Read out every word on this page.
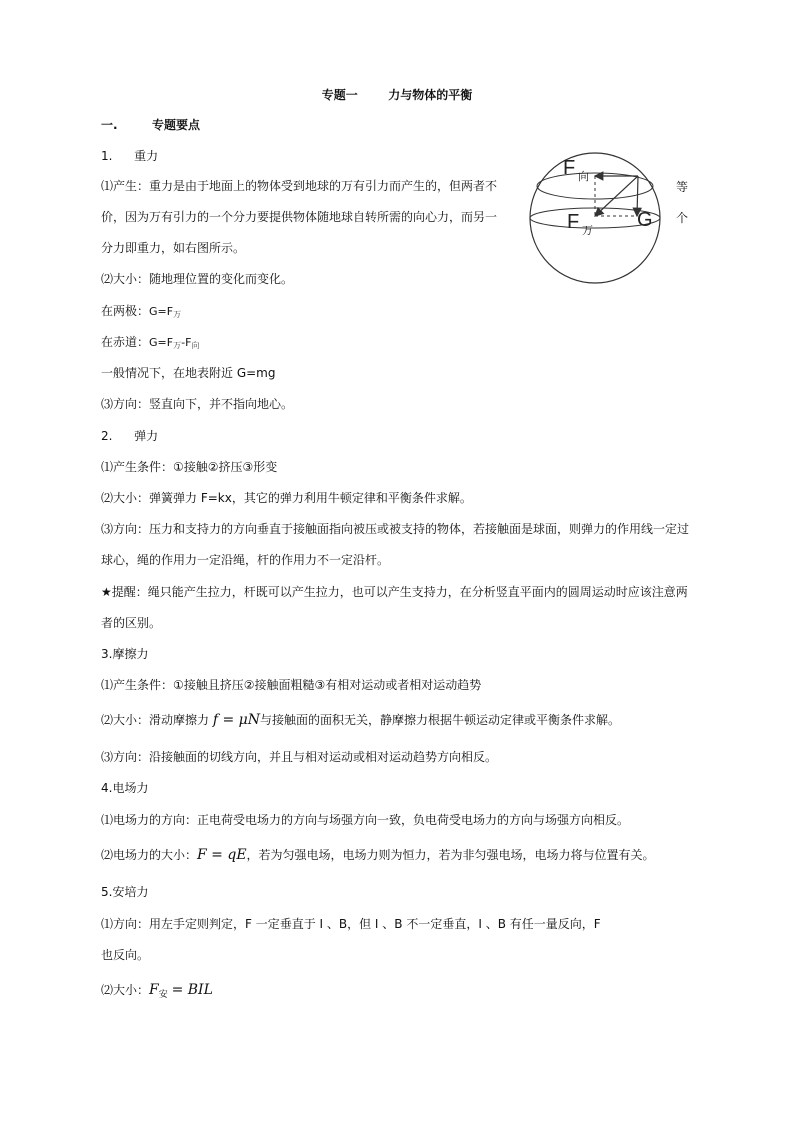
专题一	力与物体的平衡
一.	专题要点
1. 重力
⑴产生：重力是由于地面上的物体受到地球的万有引力而产生的，但两者不	等
价，因为万有引力的一个分力要提供物体随地球自转所需的向心力，而另一	个
分力即重力，如右图所示。
F 向
F 万 G
⑵大小：随地理位置的变化而变化。
在两极：$G=F_万$
在赤道：$G=F_万-F_向$
一般情况下，在地表附近 G=mg
⑶方向：竖直向下，并不指向地心。
2. 弹力
⑴产生条件：①接触②挤压③形变
⑵大小：弹簧弹力 F=kx，其它的弹力利用牛顿定律和平衡条件求解。
⑶方向：压力和支持力的方向垂直于接触面指向被压或被支持的物体，若接触面是球面，则弹力的作用线一定过
球心，绳的作用力一定沿绳，杆的作用力不一定沿杆。
★提醒：绳只能产生拉力，杆既可以产生拉力，也可以产生支持力，在分析竖直平面内的圆周运动时应该注意两
者的区别。
3.摩擦力
⑴产生条件：①接触且挤压②接触面粗糙③有相对运动或者相对运动趋势
⑵大小：滑动摩擦力 f = μN与接触面的面积无关，静摩擦力根据牛顿运动定律或平衡条件求解。
⑶方向：沿接触面的切线方向，并且与相对运动或相对运动趋势方向相反。
4.电场力
⑴电场力的方向：正电荷受电场力的方向与场强方向一致，负电荷受电场力的方向与场强方向相反。
⑵电场力的大小：F = qE，若为匀强电场，电场力则为恒力，若为非匀强电场，电场力将与位置有关。
5.安培力
⑴方向：用左手定则判定，F 一定垂直于 I 、B，但 I 、B 不一定垂直，I 、B 有任一量反向，F
也反向。
⑵大小：$F_安$ = BIL
